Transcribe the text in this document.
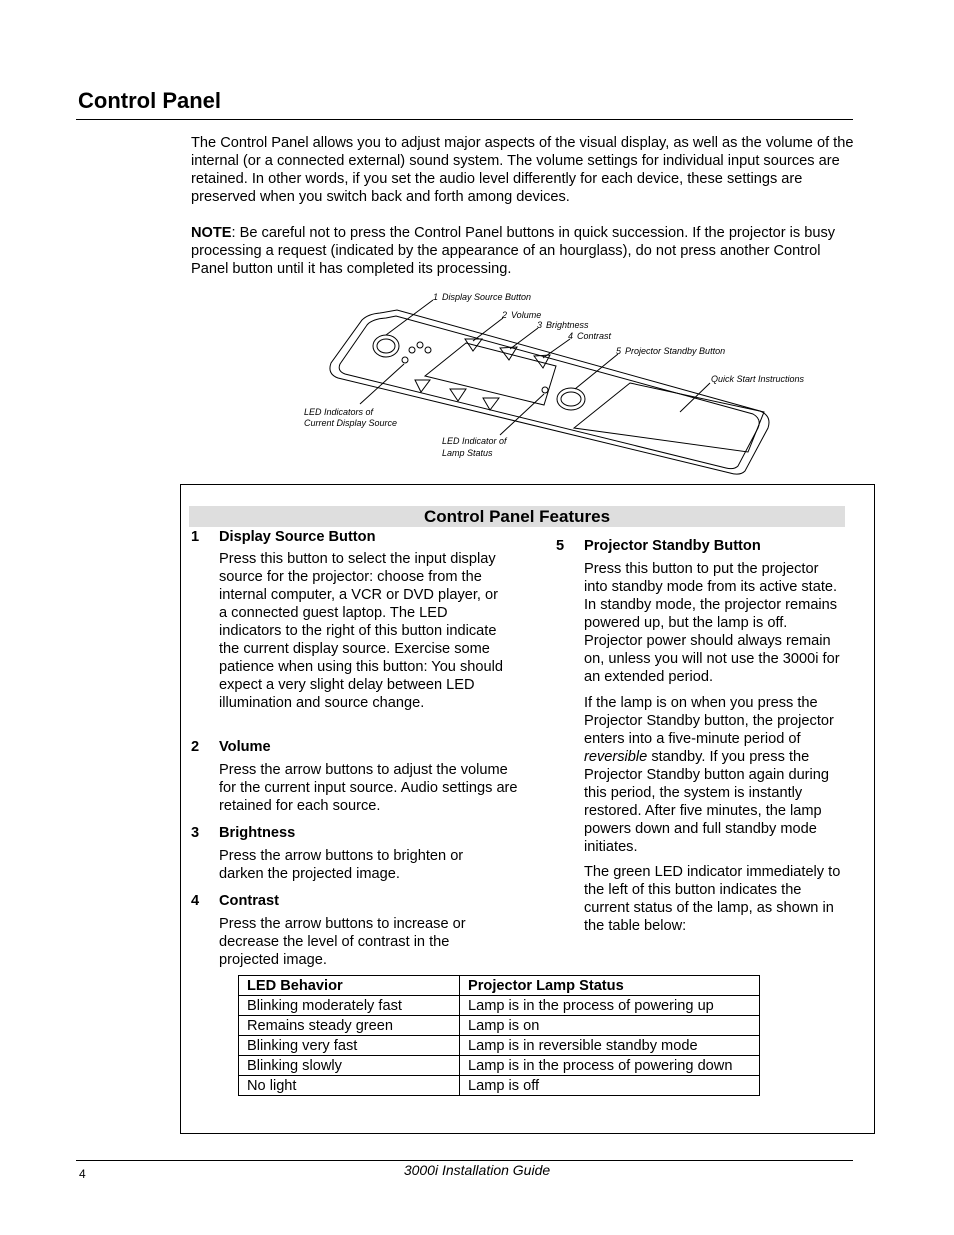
Control Panel

The Control Panel allows you to adjust major aspects of the visual display, as well as the volume of the internal (or a connected external) sound system. The volume settings for individual input sources are retained. In other words, if you set the audio level differently for each device, these settings are preserved when you switch back and forth among devices.

NOTE: Be careful not to press the Control Panel buttons in quick succession. If the projector is busy processing a request (indicated by the appearance of an hourglass), do not press another Control Panel button until it has completed its processing.

1 Display Source Button
2 Volume
3 Brightness
4 Contrast
5 Projector Standby Button
Quick Start Instructions
LED Indicators of
Current Display Source
LED Indicator of
Lamp Status
Control Panel Features
1 Display Source Button

Press this button to select the input display source for the projector: choose from the internal computer, a VCR or DVD player, or a connected guest laptop. The LED indicators to the right of this button indicate the current display source. Exercise some patience when using this button: You should expect a very slight delay between LED illumination and source change.

2 Volume

Press the arrow buttons to adjust the volume for the current input source. Audio settings are retained for each source.

3 Brightness

Press the arrow buttons to brighten or darken the projected image.

4 Contrast

Press the arrow buttons to increase or decrease the level of contrast in the projected image.

5 Projector Standby Button

Press this button to put the projector into standby mode from its active state. In standby mode, the projector remains powered up, but the lamp is off. Projector power should always remain on, unless you will not use the 3000i for an extended period.

If the lamp is on when you press the Projector Standby button, the projector enters into a five-minute period of reversible standby. If you press the Projector Standby button again during this period, the system is instantly restored. After five minutes, the lamp powers down and full standby mode initiates.

The green LED indicator immediately to the left of this button indicates the current status of the lamp, as shown in the table below:

LED Behavior	Projector Lamp Status
Blinking moderately fast	Lamp is in the process of powering up
Remains steady green	Lamp is on
Blinking very fast	Lamp is in reversible standby mode
Blinking slowly	Lamp is in the process of powering down
No light	Lamp is off
4	3000i Installation Guide
